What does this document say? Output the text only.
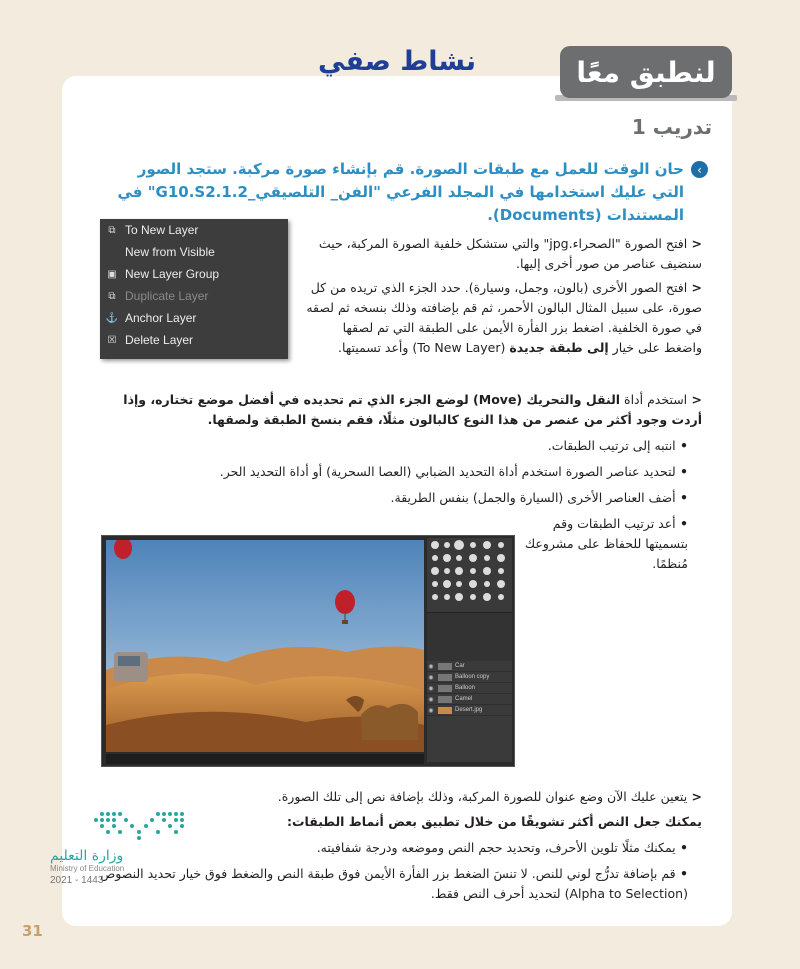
لنطبق معًا
نشاط صفي
تدريب 1
‹
حان الوقت للعمل مع طبقات الصورة. قم بإنشاء صورة مركبة. ستجد الصور التي عليك استخدامها في المجلد الفرعي "الفن_ التلصيقي_G10.S2.1.2" في المستندات (Documents).
⧉ To New Layer
New from Visible
▣ New Layer Group
⧉ Duplicate Layer
⚓ Anchor Layer
☒ Delete Layer
< افتح الصورة "الصحراء.jpg" والتي ستشكل خلفية الصورة المركبة، حيث سنضيف عناصر من صور أخرى إليها.
< افتح الصور الأخرى (بالون، وجمل، وسيارة). حدد الجزء الذي تريده من كل صورة، على سبيل المثال البالون الأحمر، ثم قم بإضافته وذلك بنسخه ثم لصقه في صورة الخلفية. اضغط بزر الفأرة الأيمن على الطبقة التي تم لصقها واضغط على خيار إلى طبقة جديدة (To New Layer) وأعد تسميتها.
< استخدم أداة النقل والتحريك (Move) لوضع الجزء الذي تم تحديده في أفضل موضع تختاره، وإذا أردت وجود أكثر من عنصر من هذا النوع كالبالون مثلًا، فقم بنسخ الطبقة ولصقها.
• انتبه إلى ترتيب الطبقات.
• لتحديد عناصر الصورة استخدم أداة التحديد الضبابي (العصا السحرية) أو أداة التحديد الحر.
• أضف العناصر الأخرى (السيارة والجمل) بنفس الطريقة.
• أعد ترتيب الطبقات وقم بتسميتها للحفاظ على مشروعك مُنظمًا.
◉	Car
◉	Balloon copy
◉	Balloon
◉	Camel
◉	Desert.jpg
< يتعين عليك الآن وضع عنوان للصورة المركبة، وذلك بإضافة نص إلى تلك الصورة.
يمكنك جعل النص أكثر تشويقًا من خلال تطبيق بعض أنماط الطبقات:
• يمكنك مثلًا تلوين الأحرف، وتحديد حجم النص وموضعه ودرجة شفافيته.
• قم بإضافة تدرُّج لوني للنص. لا تنسَ الضغط بزر الفأرة الأيمن فوق طبقة النص والضغط فوق خيار تحديد النصوص (Alpha to Selection) لتحديد أحرف النص فقط.
وزارة التعليم
Ministry of Education
2021 - 1443
31
